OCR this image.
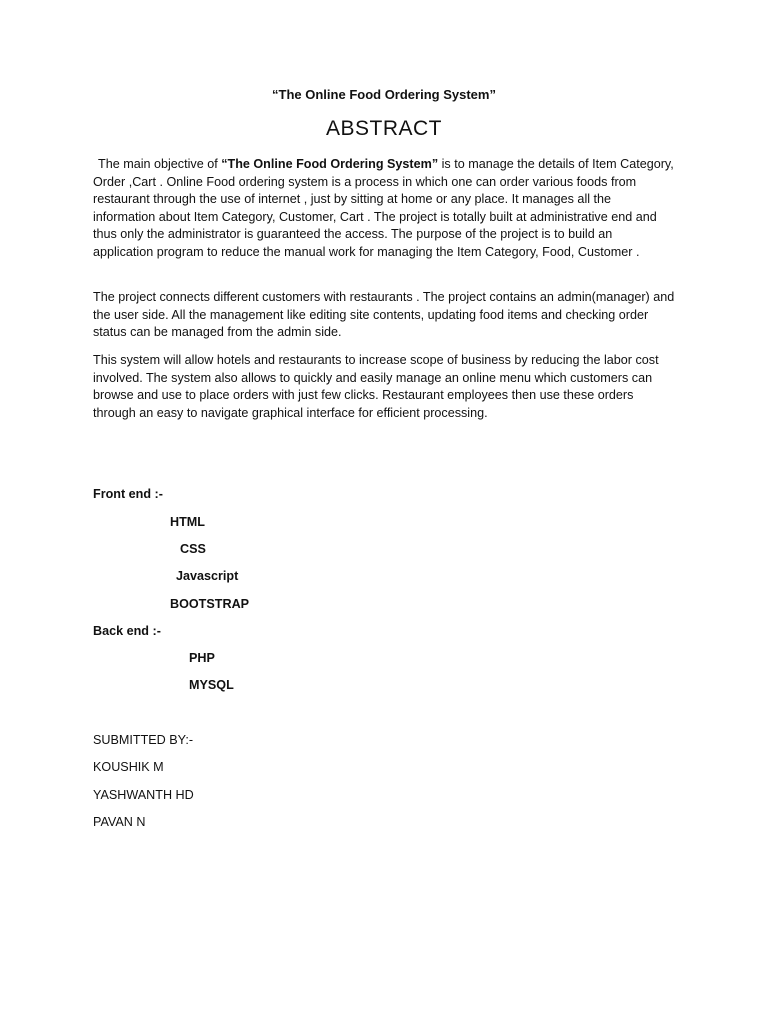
“The Online Food Ordering System”
ABSTRACT
The main objective of “The Online Food Ordering System” is to manage the details of Item Category, Order ,Cart . Online Food ordering system is a process in which one can order various foods from restaurant through the use of internet , just by sitting at home or any place. It manages all the information about Item Category, Customer, Cart . The project is totally built at administrative end and thus only the administrator is guaranteed the access. The purpose of the project is to build an application program to reduce the manual work for managing the Item Category, Food, Customer .
The project connects different customers with restaurants . The project contains an admin(manager) and the user side. All the management like editing site contents, updating food items and checking order status can be managed from the admin side.
This system will allow hotels and restaurants to increase scope of business by reducing the labor cost involved. The system also allows to quickly and easily manage an online menu which customers can browse and use to place orders with just few clicks. Restaurant employees then use these orders through an easy to navigate graphical interface for efficient processing.
Front end :-
HTML
CSS
Javascript
BOOTSTRAP
Back end :-
PHP
MYSQL
SUBMITTED BY:-
KOUSHIK M
YASHWANTH HD
PAVAN N
